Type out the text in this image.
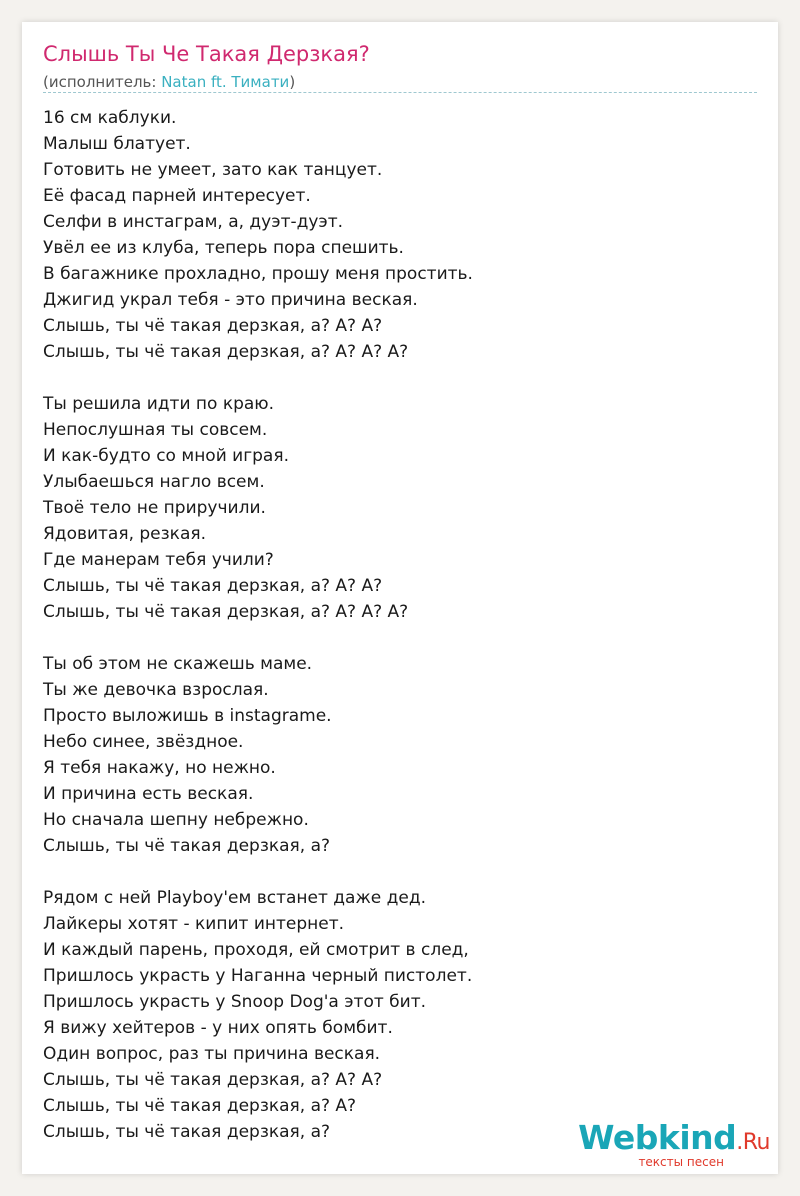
Слышь Ты Че Такая Дерзкая?
(исполнитель: Natan ft. Тимати)
16 см каблуки.
Малыш блатует.
Готовить не умеет, зато как танцует.
Её фасад парней интересует.
Селфи в инстаграм, а, дуэт-дуэт.
Увёл ее из клуба, теперь пора спешить.
В багажнике прохладно, прошу меня простить.
Джигид украл тебя - это причина веская.
Слышь, ты чё такая дерзкая, а? А? А?
Слышь, ты чё такая дерзкая, а? А? А? А?
Ты решила идти по краю.
Непослушная ты совсем.
И как-будто со мной играя.
Улыбаешься нагло всем.
Твоё тело не приручили.
Ядовитая, резкая.
Где манерам тебя учили?
Слышь, ты чё такая дерзкая, а? А? А?
Слышь, ты чё такая дерзкая, а? А? А? А?
Ты об этом не скажешь маме.
Ты же девочка взрослая.
Просто выложишь в instagrame.
Небо синее, звёздное.
Я тебя накажу, но нежно.
И причина есть веская.
Но сначала шепну небрежно.
Слышь, ты чё такая дерзкая, а?
Рядом с ней Playboy'ем встанет даже дед.
Лайкеры хотят - кипит интернет.
И каждый парень, проходя, ей смотрит в след,
Пришлось украсть у Наганна черный пистолет.
Пришлось украсть у Snoop Dog'a этот бит.
Я вижу хейтеров - у них опять бомбит.
Один вопрос, раз ты причина веская.
Слышь, ты чё такая дерзкая, а? А? А?
Слышь, ты чё такая дерзкая, а? А?
Слышь, ты чё такая дерзкая, а?	Webkind.Ru
тексты песен
